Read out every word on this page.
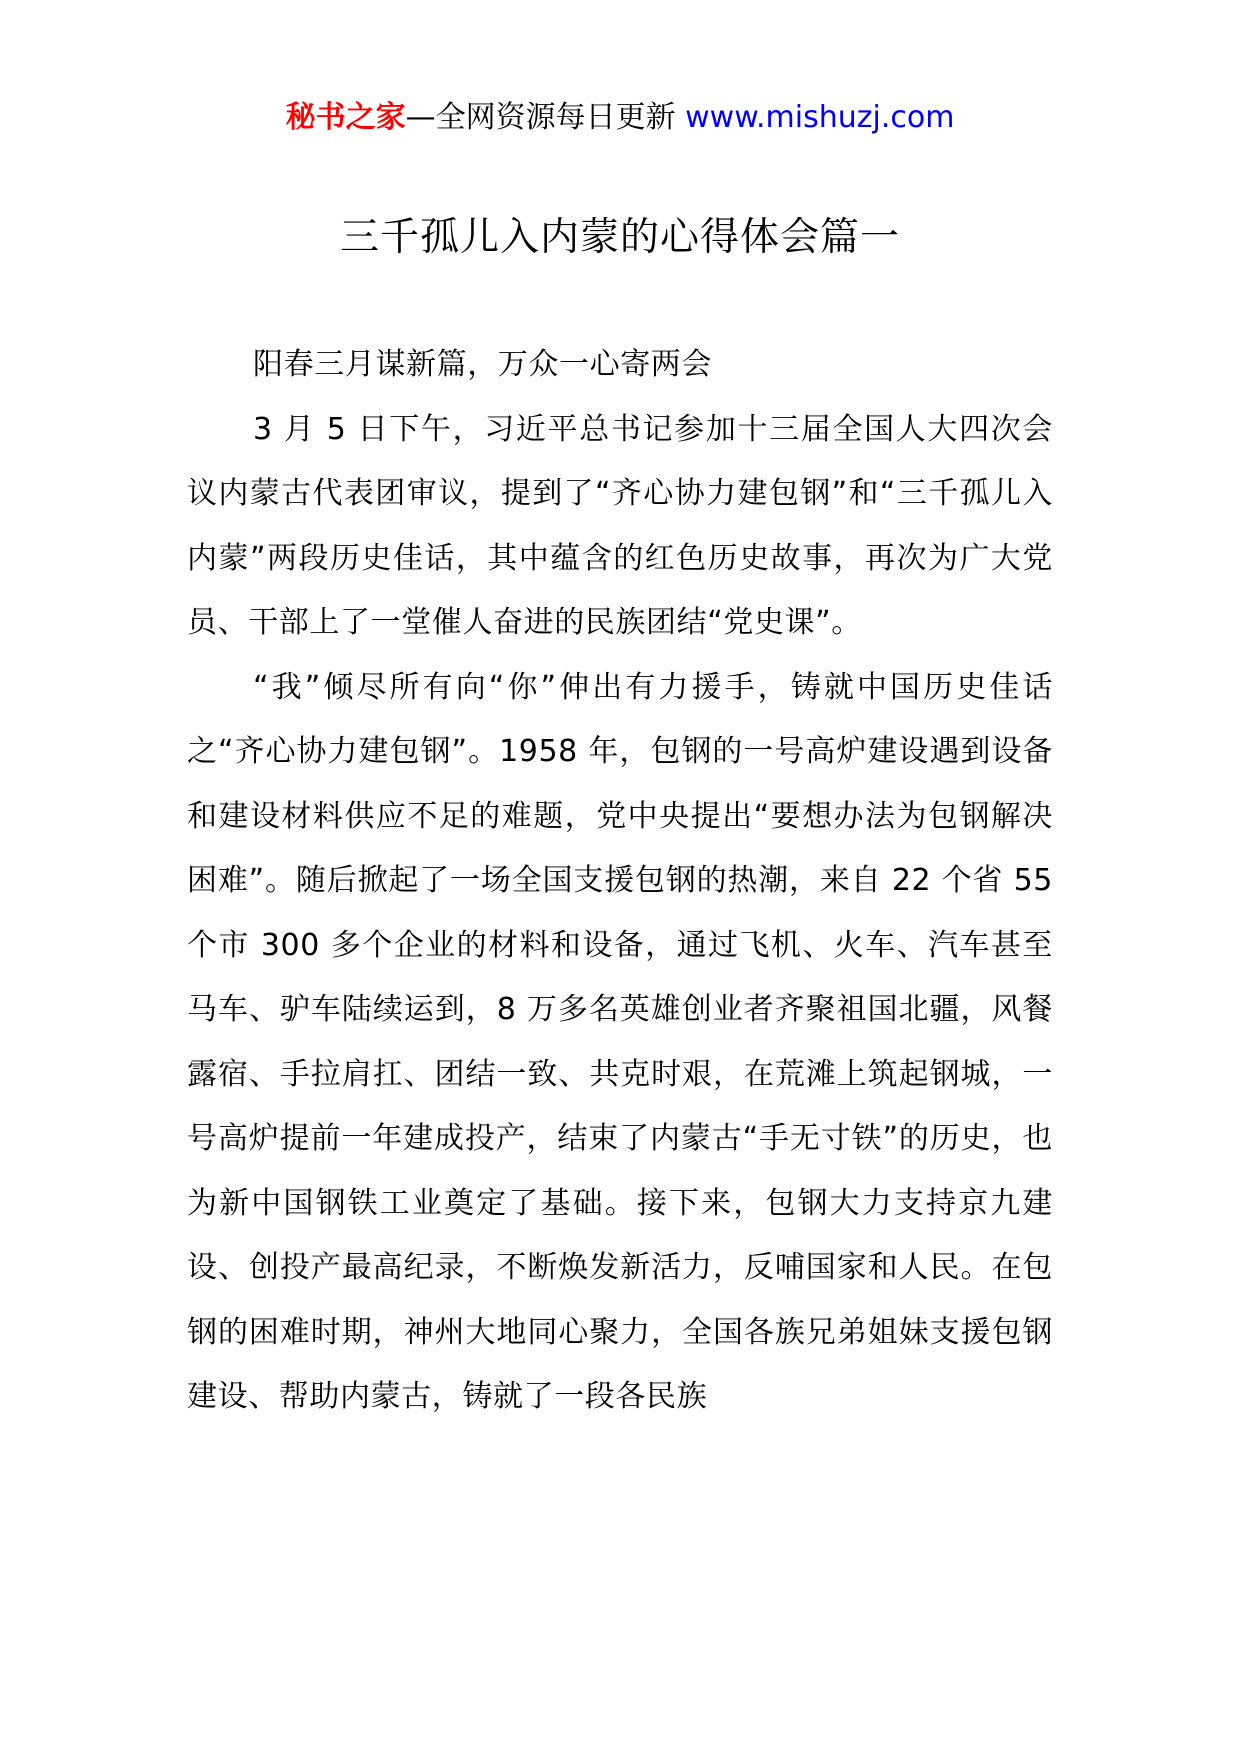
秘书之家—全网资源每日更新 www.mishuzj.com
三千孤儿入内蒙的心得体会篇一

阳春三月谋新篇，万众一心寄两会

3 月 5 日下午，习近平总书记参加十三届全国人大四次会议内蒙古代表团审议，提到了“齐心协力建包钢”和“三千孤儿入内蒙”两段历史佳话，其中蕴含的红色历史故事，再次为广大党员、干部上了一堂催人奋进的民族团结“党史课”。

“我”倾尽所有向“你”伸出有力援手，铸就中国历史佳话之“齐心协力建包钢”。1958 年，包钢的一号高炉建设遇到设备和建设材料供应不足的难题，党中央提出“要想办法为包钢解决困难”。随后掀起了一场全国支援包钢的热潮，来自 22 个省 55 个市 300 多个企业的材料和设备，通过飞机、火车、汽车甚至马车、驴车陆续运到，8 万多名英雄创业者齐聚祖国北疆，风餐露宿、手拉肩扛、团结一致、共克时艰，在荒滩上筑起钢城，一号高炉提前一年建成投产，结束了内蒙古“手无寸铁”的历史，也为新中国钢铁工业奠定了基础。接下来，包钢大力支持京九建设、创投产最高纪录，不断焕发新活力，反哺国家和人民。在包钢的困难时期，神州大地同心聚力，全国各族兄弟姐妹支援包钢建设、帮助内蒙古，铸就了一段各民族
